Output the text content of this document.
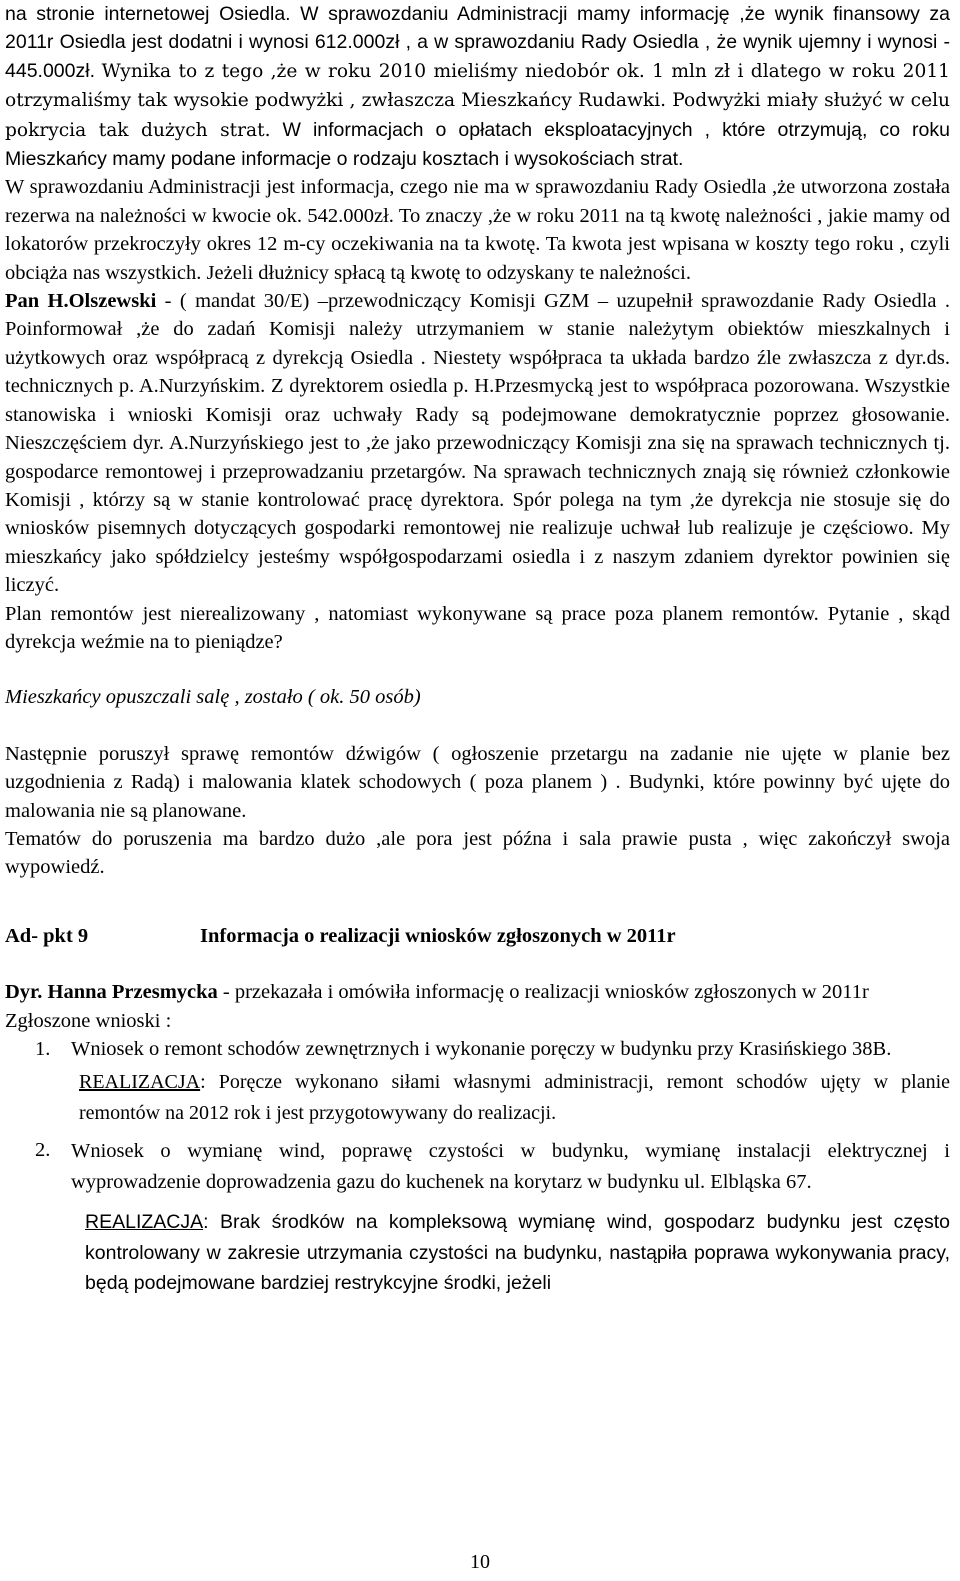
na stronie internetowej Osiedla. W sprawozdaniu Administracji mamy informację ,że wynik finansowy za 2011r Osiedla jest dodatni i wynosi 612.000zł , a w sprawozdaniu Rady Osiedla , że wynik ujemny i wynosi - 445.000zł. Wynika to z tego ,że w roku 2010 mieliśmy niedobór ok. 1 mln zł i dlatego w roku 2011 otrzymaliśmy tak wysokie podwyżki , zwłaszcza Mieszkańcy Rudawki. Podwyżki miały służyć w celu pokrycia tak dużych strat. W informacjach o opłatach eksploatacyjnych , które otrzymują, co roku Mieszkańcy mamy podane informacje o rodzaju kosztach i wysokościach strat.

W sprawozdaniu Administracji jest informacja, czego nie ma w sprawozdaniu Rady Osiedla ,że utworzona została rezerwa na należności w kwocie ok. 542.000zł. To znaczy ,że w roku 2011 na tą kwotę należności , jakie mamy od lokatorów przekroczyły okres 12 m-cy oczekiwania na ta kwotę. Ta kwota jest wpisana w koszty tego roku , czyli obciąża nas wszystkich. Jeżeli dłużnicy spłacą tą kwotę to odzyskany te należności.

Pan H.Olszewski - ( mandat 30/E) –przewodniczący Komisji GZM – uzupełnił sprawozdanie Rady Osiedla . Poinformował ,że do zadań Komisji należy utrzymaniem w stanie należytym obiektów mieszkalnych i użytkowych oraz współpracą z dyrekcją Osiedla . Niestety współpraca ta układa bardzo źle zwłaszcza z dyr.ds. technicznych p. A.Nurzyńskim. Z dyrektorem osiedla p. H.Przesmycką jest to współpraca pozorowana. Wszystkie stanowiska i wnioski Komisji oraz uchwały Rady są podejmowane demokratycznie poprzez głosowanie. Nieszczęściem dyr. A.Nurzyńskiego jest to ,że jako przewodniczący Komisji zna się na sprawach technicznych tj. gospodarce remontowej i przeprowadzaniu przetargów. Na sprawach technicznych znają się również członkowie Komisji , którzy są w stanie kontrolować pracę dyrektora. Spór polega na tym ,że dyrekcja nie stosuje się do wniosków pisemnych dotyczących gospodarki remontowej nie realizuje uchwał lub realizuje je częściowo. My mieszkańcy jako spółdzielcy jesteśmy współgospodarzami osiedla i z naszym zdaniem dyrektor powinien się liczyć.

Plan remontów jest nierealizowany , natomiast wykonywane są prace poza planem remontów. Pytanie , skąd dyrekcja weźmie na to pieniądze?

Mieszkańcy opuszczali salę , zostało ( ok. 50 osób)

Następnie poruszył sprawę remontów dźwigów ( ogłoszenie przetargu na zadanie nie ujęte w planie bez uzgodnienia z Radą) i malowania klatek schodowych ( poza planem ) . Budynki, które powinny być ujęte do malowania nie są planowane.

Tematów do poruszenia ma bardzo dużo ,ale pora jest późna i sala prawie pusta , więc zakończył swoja wypowiedź.

Ad- pkt 9	Informacja o realizacji wniosków zgłoszonych w 2011r

Dyr. Hanna Przesmycka - przekazała i omówiła informację o realizacji wniosków zgłoszonych w 2011r

Zgłoszone wnioski :

1. Wniosek o remont schodów zewnętrznych i wykonanie poręczy w budynku przy Krasińskiego 38B.

REALIZACJA: Poręcze wykonano siłami własnymi administracji, remont schodów ujęty w planie remontów na 2012 rok i jest przygotowywany do realizacji.

2. Wniosek o wymianę wind, poprawę czystości w budynku, wymianę instalacji elektrycznej i wyprowadzenie doprowadzenia gazu do kuchenek na korytarz w budynku ul. Elbląska 67.

REALIZACJA: Brak środków na kompleksową wymianę wind, gospodarz budynku jest często kontrolowany w zakresie utrzymania czystości na budynku, nastąpiła poprawa wykonywania pracy, będą podejmowane bardziej restrykcyjne środki, jeżeli

10
